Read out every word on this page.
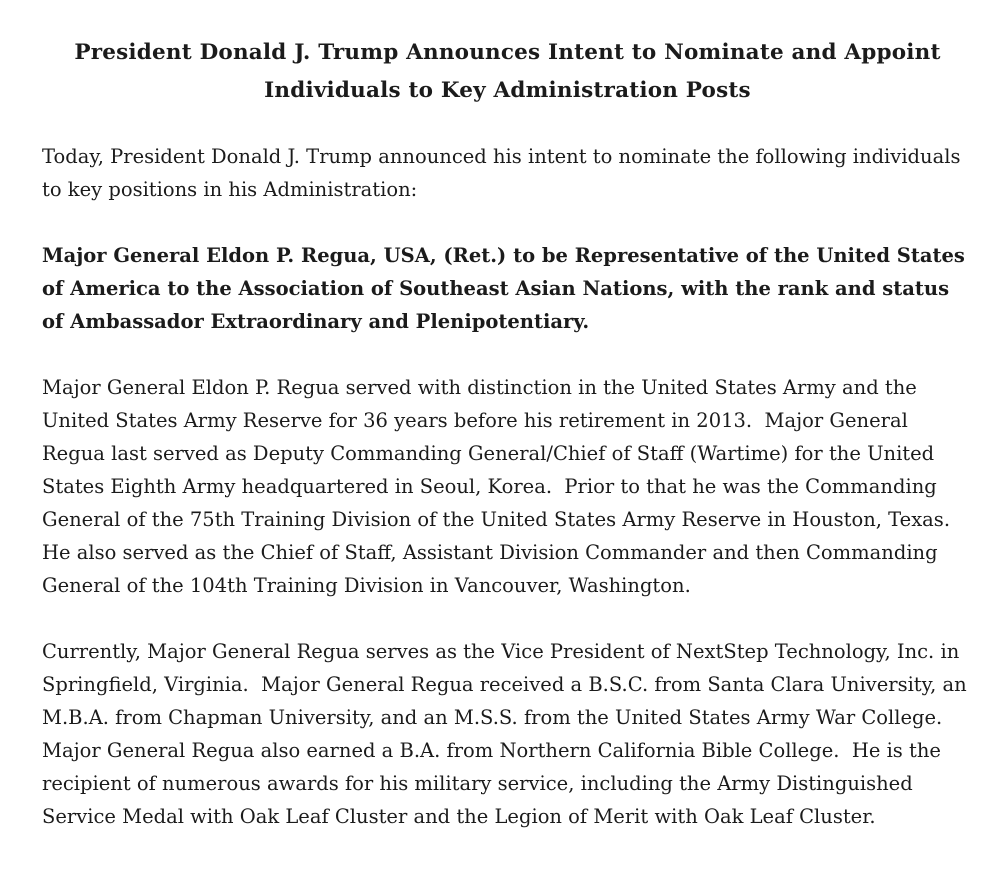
President Donald J. Trump Announces Intent to Nominate and Appoint
Individuals to Key Administration Posts

Today, President Donald J. Trump announced his intent to nominate the following individuals to key positions in his Administration:

Major General Eldon P. Regua, USA, (Ret.) to be Representative of the United States of America to the Association of Southeast Asian Nations, with the rank and status of Ambassador Extraordinary and Plenipotentiary.

Major General Eldon P. Regua served with distinction in the United States Army and the United States Army Reserve for 36 years before his retirement in 2013.  Major General Regua last served as Deputy Commanding General/Chief of Staff (Wartime) for the United States Eighth Army headquartered in Seoul, Korea.  Prior to that he was the Commanding General of the 75th Training Division of the United States Army Reserve in Houston, Texas.  He also served as the Chief of Staff, Assistant Division Commander and then Commanding General of the 104th Training Division in Vancouver, Washington.

Currently, Major General Regua serves as the Vice President of NextStep Technology, Inc. in Springfield, Virginia.  Major General Regua received a B.S.C. from Santa Clara University, an M.B.A. from Chapman University, and an M.S.S. from the United States Army War College.  Major General Regua also earned a B.A. from Northern California Bible College.  He is the recipient of numerous awards for his military service, including the Army Distinguished Service Medal with Oak Leaf Cluster and the Legion of Merit with Oak Leaf Cluster.
